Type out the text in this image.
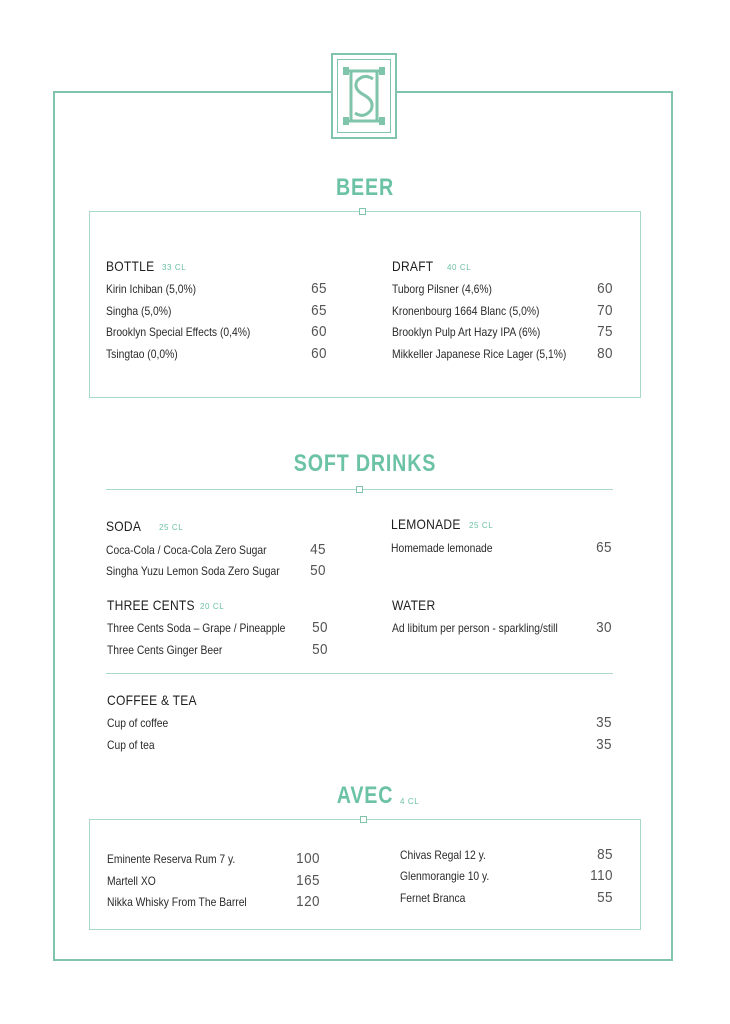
BEER
BOTTLE 33 CL
Kirin Ichiban (5,0%)	65
Singha (5,0%)	65
Brooklyn Special Effects (0,4%)	60
Tsingtao (0,0%)	60
DRAFT 40 CL
Tuborg Pilsner (4,6%)	60
Kronenbourg 1664 Blanc (5,0%)	70
Brooklyn Pulp Art Hazy IPA (6%)	75
Mikkeller Japanese Rice Lager (5,1%)	80
SOFT DRINKS
SODA 25 CL
Coca-Cola / Coca-Cola Zero Sugar	45
Singha Yuzu Lemon Soda Zero Sugar	50
LEMONADE 25 CL
Homemade lemonade	65
THREE CENTS 20 CL
Three Cents Soda – Grape / Pineapple	50
Three Cents Ginger Beer	50
WATER
Ad libitum per person - sparkling/still	30
COFFEE & TEA
Cup of coffee	35
Cup of tea	35
AVEC 4 CL
Eminente Reserva Rum 7 y.	100
Martell XO	165
Nikka Whisky From The Barrel	120
Chivas Regal 12 y.	85
Glenmorangie 10 y.	110
Fernet Branca	55
